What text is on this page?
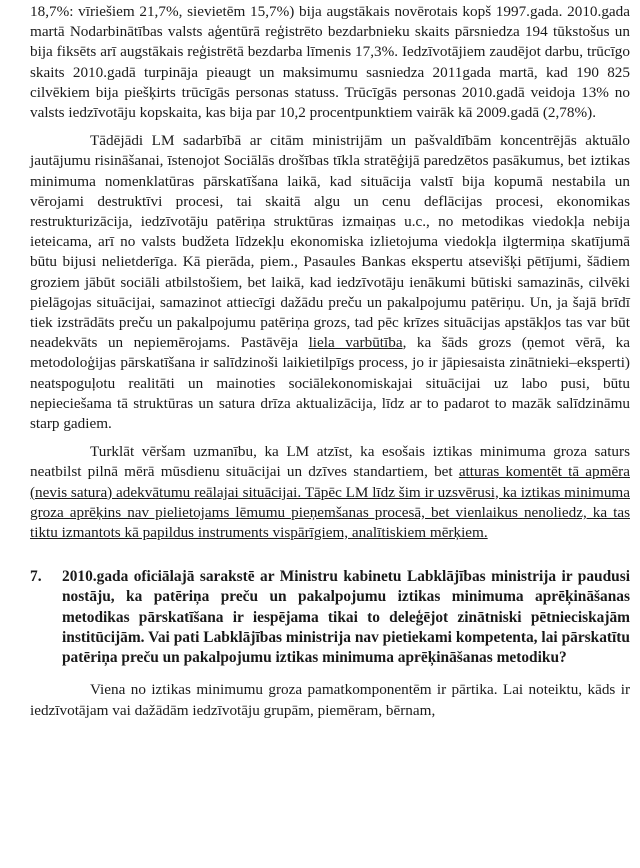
18,7%: vīriešiem 21,7%, sievietēm 15,7%) bija augstākais novērotais kopš 1997.gada. 2010.gada martā Nodarbinātības valsts aģentūrā reģistrēto bezdarbnieku skaits pārsniedza 194 tūkstošus un bija fiksēts arī augstākais reģistrētā bezdarba līmenis 17,3%. Iedzīvotājiem zaudējot darbu, trūcīgo skaits 2010.gadā turpināja pieaugt un maksimumu sasniedza 2011gada martā, kad 190 825 cilvēkiem bija piešķirts trūcīgās personas statuss. Trūcīgās personas 2010.gadā veidoja 13% no valsts iedzīvotāju kopskaita, kas bija par 10,2 procentpunktiem vairāk kā 2009.gadā (2,78%).

Tādējādi LM sadarbībā ar citām ministrijām un pašvaldībām koncentrējās aktuālo jautājumu risināšanai, īstenojot Sociālās drošības tīkla stratēģijā paredzētos pasākumus, bet iztikas minimuma nomenklatūras pārskatīšana laikā, kad situācija valstī bija kopumā nestabila un vērojami destruktīvi procesi, tai skaitā algu un cenu deflācijas procesi, ekonomikas restrukturizācija, iedzīvotāju patēriņa struktūras izmaiņas u.c., no metodikas viedokļa nebija ieteicama, arī no valsts budžeta līdzekļu ekonomiska izlietojuma viedokļa ilgtermiņa skatījumā būtu bijusi nelietderīga. Kā pierāda, piem., Pasaules Bankas ekspertu atsevišķi pētījumi, šādiem groziem jābūt sociāli atbilstošiem, bet laikā, kad iedzīvotāju ienākumi būtiski samazinās, cilvēki pielāgojas situācijai, samazinot attiecīgi dažādu preču un pakalpojumu patēriņu. Un, ja šajā brīdī tiek izstrādāts preču un pakalpojumu patēriņa grozs, tad pēc krīzes situācijas apstākļos tas var būt neadekvāts un nepiemērojams. Pastāvēja liela varbūtība, ka šāds grozs (ņemot vērā, ka metodoloģijas pārskatīšana ir salīdzinoši laikietilpīgs process, jo ir jāpiesaista zinātnieki–eksperti) neatspoguļotu realitāti un mainoties sociālekonomiskajai situācijai uz labo pusi, būtu nepieciešama tā struktūras un satura drīza aktualizācija, līdz ar to padarot to mazāk salīdzināmu starp gadiem.

Turklāt vēršam uzmanību, ka LM atzīst, ka esošais iztikas minimuma groza saturs neatbilst pilnā mērā mūsdienu situācijai un dzīves standartiem, bet atturas komentēt tā apmēra (nevis satura) adekvātumu reālajai situācijai. Tāpēc LM līdz šim ir uzsvērusi, ka iztikas minimuma groza aprēķins nav pielietojams lēmumu pieņemšanas procesā, bet vienlaikus nenoliedz, ka tas tiktu izmantots kā papildus instruments vispārīgiem, analītiskiem mērķiem.

7.	2010.gada oficiālajā sarakstē ar Ministru kabinetu Labklājības ministrija ir paudusi nostāju, ka patēriņa preču un pakalpojumu iztikas minimuma aprēķināšanas metodikas pārskatīšana ir iespējama tikai to deleģējot zinātniski pētnieciskajām institūcijām. Vai pati Labklājības ministrija nav pietiekami kompetenta, lai pārskatītu patēriņa preču un pakalpojumu iztikas minimuma aprēķināšanas metodiku?

Viena no iztikas minimumu groza pamatkomponentēm ir pārtika. Lai noteiktu, kāds ir iedzīvotājam vai dažādām iedzīvotāju grupām, piemēram, bērnam,
